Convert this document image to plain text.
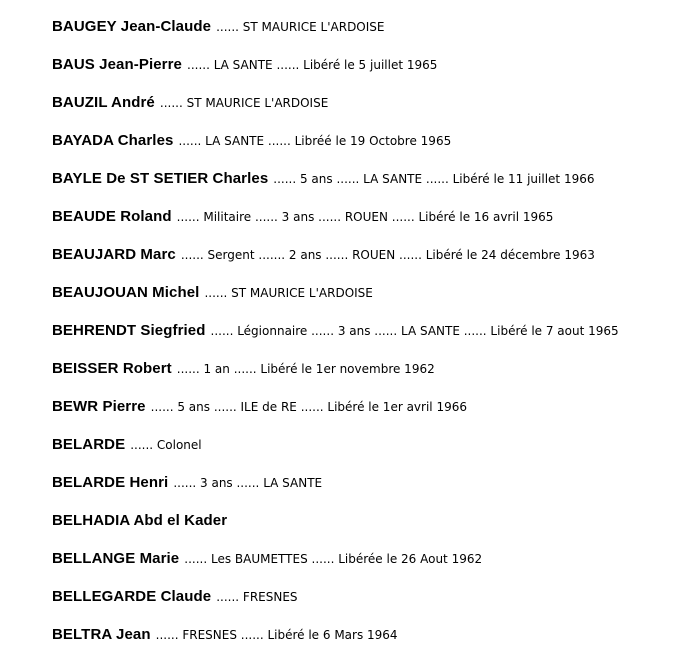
BAUGEY Jean-Claude ...... ST MAURICE L'ARDOISE
BAUS Jean-Pierre ...... LA SANTE ...... Libéré le 5 juillet 1965
BAUZIL André ...... ST MAURICE L'ARDOISE
BAYADA Charles ...... LA SANTE ...... Libréé le 19 Octobre 1965
BAYLE De ST SETIER Charles ...... 5 ans ...... LA SANTE ...... Libéré le 11 juillet 1966
BEAUDE Roland ...... Militaire ...... 3 ans ...... ROUEN ...... Libéré le 16 avril 1965
BEAUJARD Marc ...... Sergent ....... 2 ans ...... ROUEN ...... Libéré le 24 décembre 1963
BEAUJOUAN Michel ...... ST MAURICE L'ARDOISE
BEHRENDT Siegfried ...... Légionnaire ...... 3 ans ...... LA SANTE ...... Libéré le 7 aout 1965
BEISSER Robert ...... 1 an ...... Libéré le 1er novembre 1962
BEWR Pierre ...... 5 ans ...... ILE de RE ...... Libéré le 1er avril 1966
BELARDE ...... Colonel
BELARDE Henri ...... 3 ans ...... LA SANTE
BELHADIA Abd el Kader
BELLANGE Marie ...... Les BAUMETTES ...... Libérée le 26 Aout 1962
BELLEGARDE Claude ...... FRESNES
BELTRA Jean ...... FRESNES ...... Libéré le 6 Mars 1964
